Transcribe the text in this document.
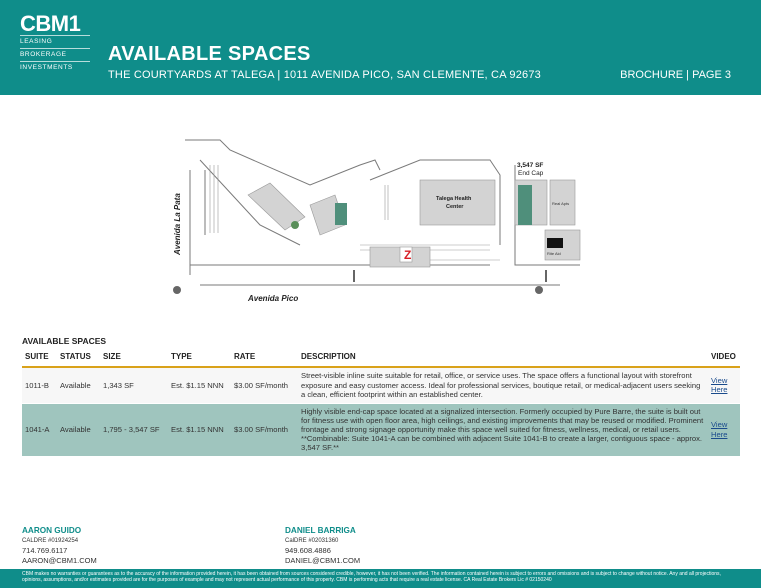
CBM1
LEASING
BROKERAGE
INVESTMENTS
AVAILABLE SPACES
THE COURTYARDS AT TALEGA | 1011 AVENIDA PICO, SAN CLEMENTE, CA 92673	BROCHURE | PAGE 3
Z
3,547 SF
End Cap
Talega Health
Center
Real Apts
Rite Aid
Avenida La Pata
Avenida Pico
AVAILABLE SPACES
SUITE	STATUS	SIZE	TYPE	RATE	DESCRIPTION	VIDEO
1011-B	Available	1,343 SF	Est. $1.15 NNN	$3.00 SF/month	Street-visible inline suite suitable for retail, office, or service uses. The space offers a functional layout with storefront exposure and easy customer access. Ideal for professional services, boutique retail, or medical-adjacent users seeking a clean, efficient footprint within an established center.	View
Here
1041-A	Available	1,795 - 3,547 SF	Est. $1.15 NNN	$3.00 SF/month	Highly visible end-cap space located at a signalized intersection. Formerly occupied by Pure Barre, the suite is built out for fitness use with open floor area, high ceilings, and existing improvements that may be reused or modified. Prominent frontage and strong signage opportunity make this space well suited for fitness, wellness, medical, or retail users. **Combinable: Suite 1041-A can be combined with adjacent Suite 1041-B to create a larger, contiguous space - approx. 3,547 SF.**	View
Here
AARON GUIDO
CALDRE #01924254
714.769.6117
AARON@CBM1.COM
DANIEL BARRIGA
CalDRE #02031360
949.608.4886
DANIEL@CBM1.COM
CBM makes no warranties or guarantees as to the accuracy of the information provided herein, it has been obtained from sources considered credible, however, it has not been verified. The information contained herein is subject to errors and omissions and is subject to change without notice. Any and all projections, opinions, assumptions, and/or estimates provided are for the purposes of example and may not represent actual performance of this property. CBM is performing acts that require a real estate license. CA Real Estate Brokers Lic # 02150240
